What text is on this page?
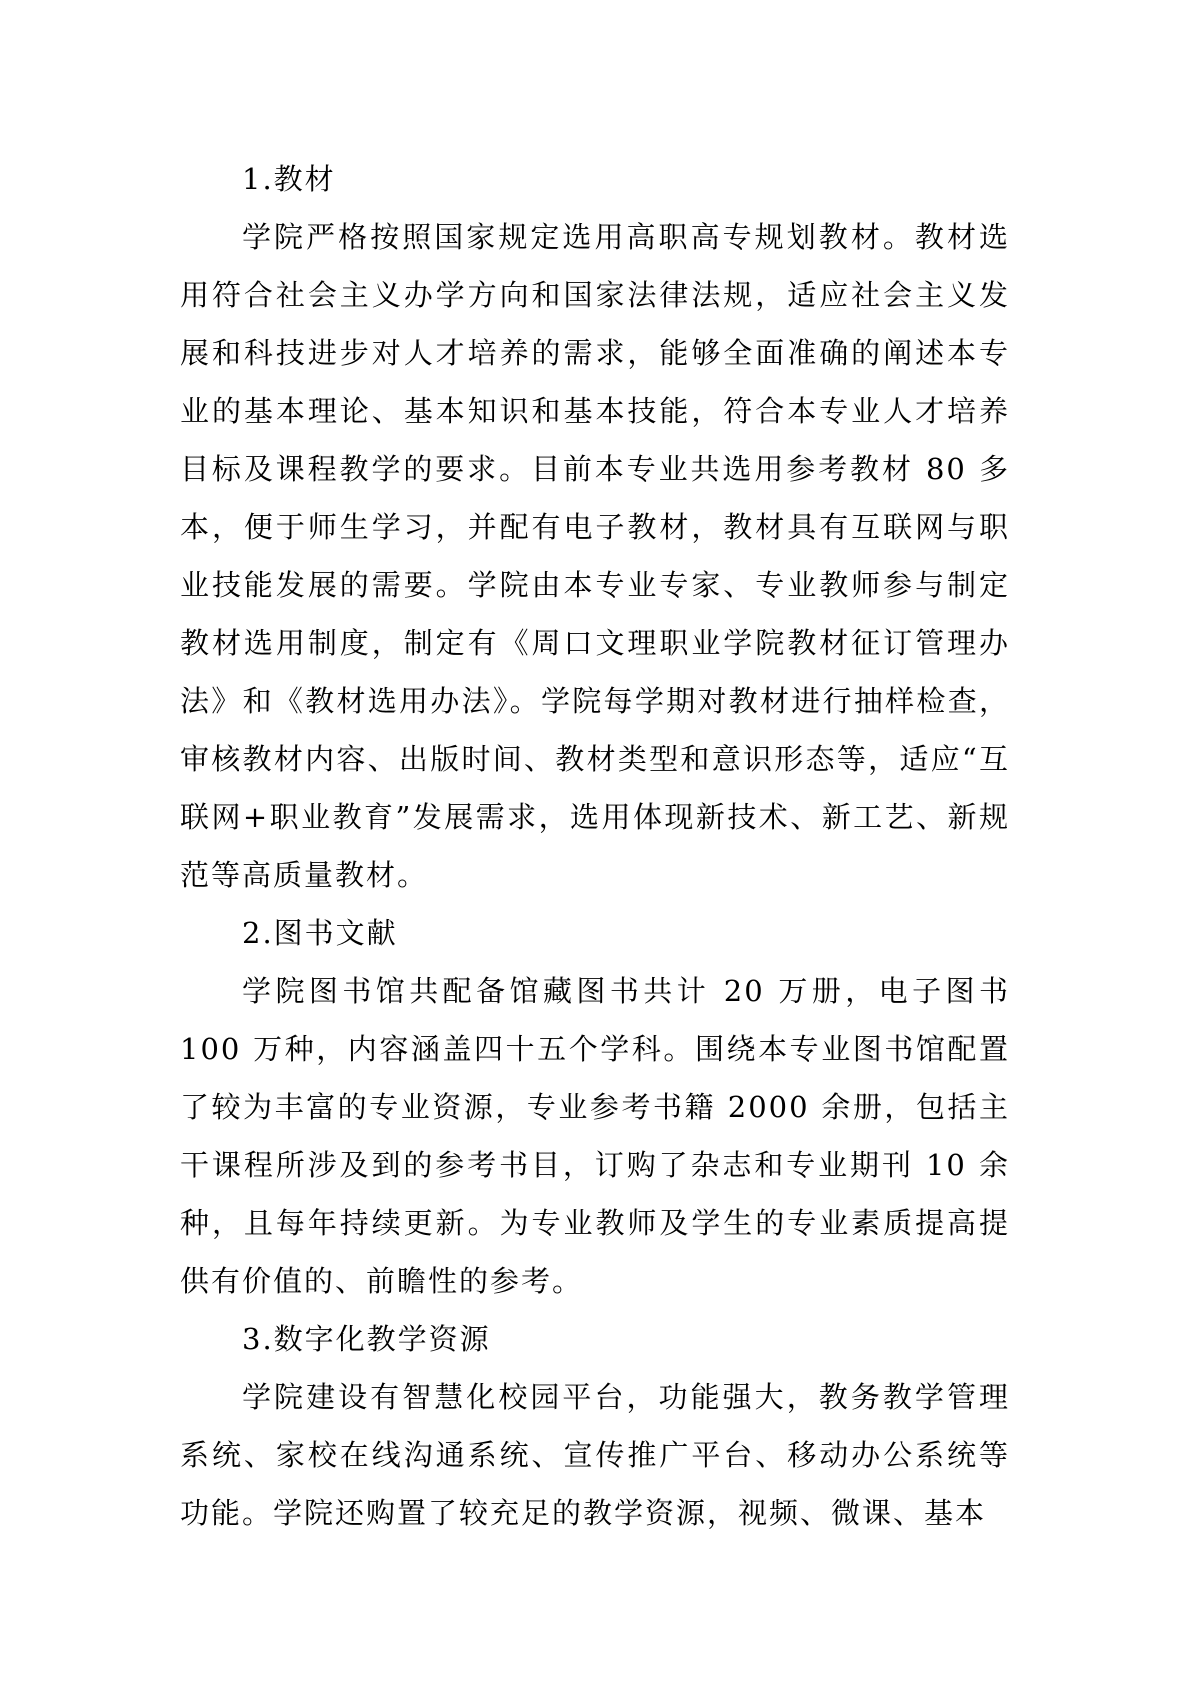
1.教材

学院严格按照国家规定选用高职高专规划教材。教材选用符合社会主义办学方向和国家法律法规，适应社会主义发展和科技进步对人才培养的需求，能够全面准确的阐述本专业的基本理论、基本知识和基本技能，符合本专业人才培养目标及课程教学的要求。目前本专业共选用参考教材 80 多本，便于师生学习，并配有电子教材，教材具有互联网与职业技能发展的需要。学院由本专业专家、专业教师参与制定教材选用制度，制定有《周口文理职业学院教材征订管理办法》和《教材选用办法》。学院每学期对教材进行抽样检查，审核教材内容、出版时间、教材类型和意识形态等，适应“互联网+职业教育”发展需求，选用体现新技术、新工艺、新规范等高质量教材。

2.图书文献

学院图书馆共配备馆藏图书共计 20 万册，电子图书 100 万种，内容涵盖四十五个学科。围绕本专业图书馆配置了较为丰富的专业资源，专业参考书籍 2000 余册，包括主干课程所涉及到的参考书目，订购了杂志和专业期刊 10 余种，且每年持续更新。为专业教师及学生的专业素质提高提供有价值的、前瞻性的参考。

3.数字化教学资源

学院建设有智慧化校园平台，功能强大，教务教学管理系统、家校在线沟通系统、宣传推广平台、移动办公系统等功能。学院还购置了较充足的教学资源，视频、微课、基本
